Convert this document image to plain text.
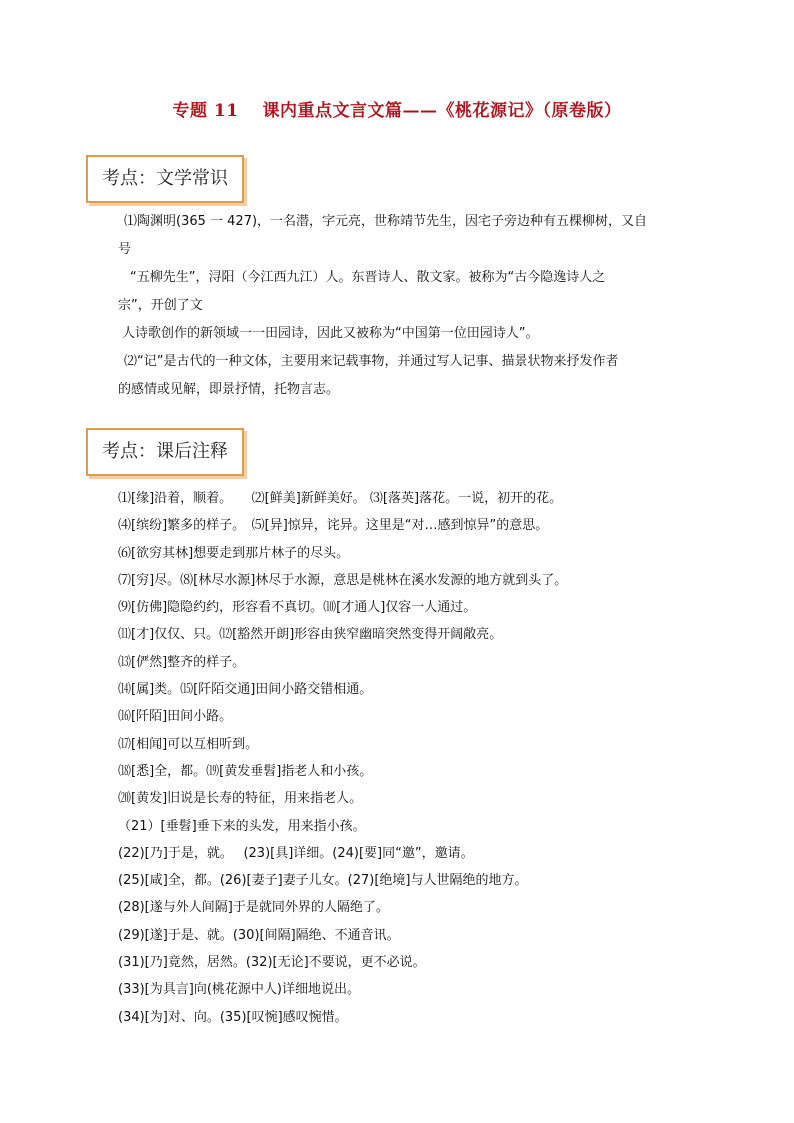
专题 11 课内重点文言文篇——《桃花源记》（原卷版）
考点：文学常识
⑴陶渊明(365 一 427)，一名潜，字元亮，世称靖节先生，因宅子旁边种有五棵柳树，又自
号
“五柳先生”，浔阳（今江西九江）人。东晋诗人、散文家。被称为“古今隐逸诗人之
宗”，开创了文
人诗歌创作的新领域一一田园诗，因此又被称为“中国第一位田园诗人”。
⑵“记”是古代的一种文体，主要用来记载事物，并通过写人记事、描景状物来抒发作者
的感情或见解，即景抒情，托物言志。
考点：课后注释
⑴[缘]沿着，顺着。　　⑵[鲜美]新鲜美好。 ⑶[落英]落花。一说，初开的花。
⑷[缤纷]繁多的样子。　⑸[异]惊异，诧异。这里是“对…感到惊异”的意思。
⑹[欲穷其林]想要走到那片林子的尽头。
⑺[穷]尽。⑻[林尽水源]林尽于水源，意思是桃林在溪水发源的地方就到头了。
⑼[仿佛]隐隐约约，形容看不真切。⑽[才通人]仅容一人通过。
⑾[才]仅仅、只。⑿[豁然开朗]形容由狭窄幽暗突然变得开阔敞亮。
⒀[俨然]整齐的样子。
⒁[属]类。⒂[阡陌交通]田间小路交错相通。
⒃[阡陌]田间小路。
⒄[相闻]可以互相听到。
⒅[悉]全，都。⒆[黄发垂髫]指老人和小孩。
⒇[黄发]旧说是长寿的特征，用来指老人。
（21）[垂髫]垂下来的头发，用来指小孩。
(22)[乃]于是，就。　 (23)[具]详细。(24)[要]同“邀”，邀请。
(25)[咸]全，都。(26)[妻子]妻子儿女。(27)[绝境]与人世隔绝的地方。
(28)[遂与外人间隔]于是就同外界的人隔绝了。
(29)[遂]于是、就。(30)[间隔]隔绝、不通音讯。
(31)[乃]竟然，居然。(32)[无论]不要说，更不必说。
(33)[为具言]向(桃花源中人)详细地说出。
(34)[为]对、向。(35)[叹惋]感叹惋惜。
